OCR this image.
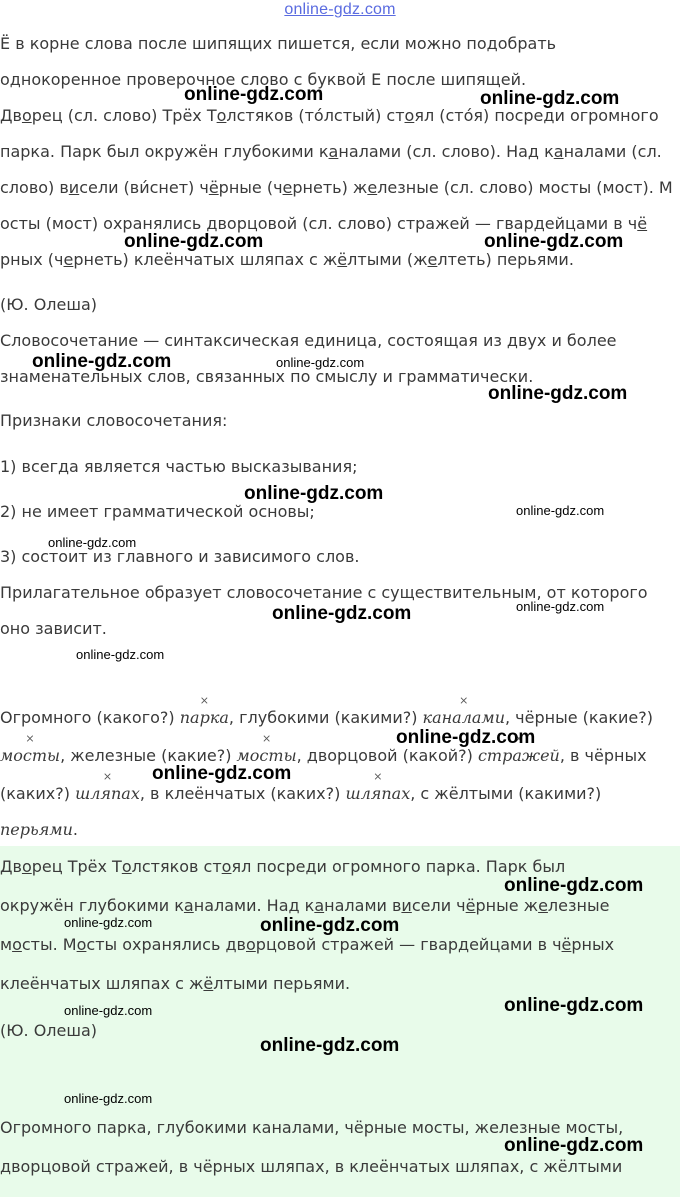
online-gdz.com
Ё в корне слова после шипящих пишется, если можно подобрать
однокоренное проверочное слово с буквой Е после шипящей.
Дворец (сл. слово) Трёх Толстяков (то́лстый) стоял (сто́я) посреди огромного
парка. Парк был окружён глубокими каналами (сл. слово). Над каналами (сл.
слово) висели (ви́снет) чёрные (чернеть) железные (сл. слово) мосты (мост). М
осты (мост) охранялись дворцовой (сл. слово) стражей — гвардейцами в чё
рных (чернеть) клеёнчатых шляпах с жёлтыми (желтеть) перьями.
(Ю. Олеша)
Словосочетание — синтаксическая единица, состоящая из двух и более
знаменательных слов, связанных по смыслу и грамматически.
Признаки словосочетания:
1) всегда является частью высказывания;
2) не имеет грамматической основы;
3) состоит из главного и зависимого слов.
Прилагательное образует словосочетание с существительным, от которого
оно зависит.
Огромного (какого?) × парка, глубокими (какими?) × каналами, чёрные (какие?)
× мосты, железные (какие?) × мосты, дворцовой (какой?) × стражей, в чёрных
(каких?) × шляпах, в клеёнчатых (каких?) × шляпах, с жёлтыми (какими?)
перьями.
Дворец Трёх Толстяков стоял посреди огромного парка. Парк был
окружён глубокими каналами. Над каналами висели чёрные железные
мосты. Мосты охранялись дворцовой стражей — гвардейцами в чёрных
клеёнчатых шляпах с жёлтыми перьями.
(Ю. Олеша)
Огромного парка, глубокими каналами, чёрные мосты, железные мосты,
дворцовой стражей, в чёрных шляпах, в клеёнчатых шляпах, с жёлтыми
online-gdz.com	online-gdz.com
online-gdz.com	online-gdz.com
online-gdz.com	online-gdz.com
online-gdz.com
online-gdz.com
online-gdz.com
online-gdz.com
online-gdz.com
online-gdz.com
online-gdz.com
online-gdz.com
online-gdz.com
online-gdz.com
online-gdz.com	online-gdz.com
online-gdz.com
online-gdz.com
online-gdz.com
online-gdz.com
online-gdz.com
